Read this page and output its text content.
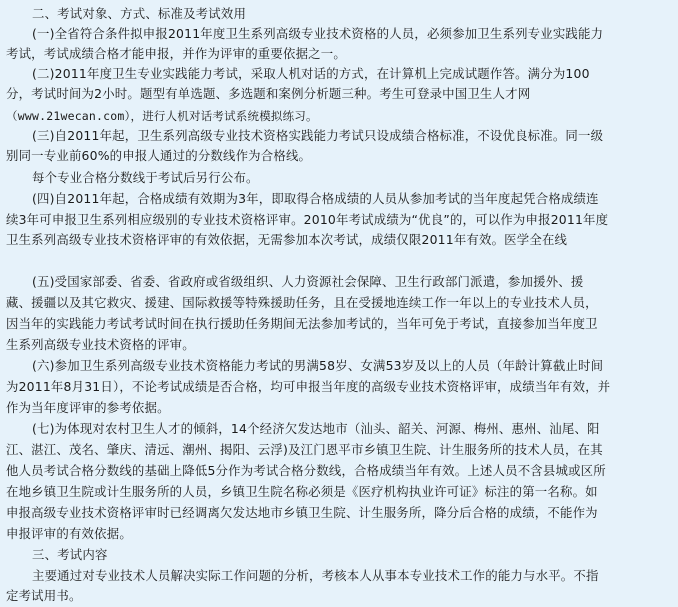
二、考试对象、方式、标准及考试效用
(一)全省符合条件拟申报2011年度卫生系列高级专业技术资格的人员，必须参加卫生系列专业实践能力
考试，考试成绩合格才能申报，并作为评审的重要依据之一。
(二)2011年度卫生专业实践能力考试，采取人机对话的方式，在计算机上完成试题作答。满分为100
分，考试时间为2小时。题型有单选题、多选题和案例分析题三种。考生可登录中国卫生人才网
（www.21wecan.com），进行人机对话考试系统模拟练习。
(三)自2011年起，卫生系列高级专业技术资格实践能力考试只设成绩合格标准，不设优良标准。同一级
别同一专业前60%的申报人通过的分数线作为合格线。
每个专业合格分数线于考试后另行公布。
(四)自2011年起，合格成绩有效期为3年，即取得合格成绩的人员从参加考试的当年度起凭合格成绩连
续3年可申报卫生系列相应级别的专业技术资格评审。2010年考试成绩为“优良”的，可以作为申报2011年度
卫生系列高级专业技术资格评审的有效依据，无需参加本次考试，成绩仅限2011年有效。医学全在线
(五)受国家部委、省委、省政府或省级组织、人力资源社会保障、卫生行政部门派遣，参加援外、援
藏、援疆以及其它救灾、援建、国际救援等特殊援助任务，且在受援地连续工作一年以上的专业技术人员，
因当年的实践能力考试考试时间在执行援助任务期间无法参加考试的，当年可免于考试，直接参加当年度卫
生系列高级专业技术资格的评审。
(六)参加卫生系列高级专业技术资格能力考试的男满58岁、女满53岁及以上的人员（年龄计算截止时间
为2011年8月31日），不论考试成绩是否合格，均可申报当年度的高级专业技术资格评审，成绩当年有效，并
作为当年度评审的参考依据。
(七)为体现对农村卫生人才的倾斜，14个经济欠发达地市（汕头、韶关、河源、梅州、惠州、汕尾、阳
江、湛江、茂名、肇庆、清远、潮州、揭阳、云浮)及江门恩平市乡镇卫生院、计生服务所的技术人员，在其
他人员考试合格分数线的基础上降低5分作为考试合格分数线，合格成绩当年有效。上述人员不含县城或区所
在地乡镇卫生院或计生服务所的人员，乡镇卫生院名称必须是《医疗机构执业许可证》标注的第一名称。如
申报高级专业技术资格评审时已经调离欠发达地市乡镇卫生院、计生服务所，降分后合格的成绩，不能作为
申报评审的有效依据。
三、考试内容
主要通过对专业技术人员解决实际工作问题的分析，考核本人从事本专业技术工作的能力与水平。不指
定考试用书。
